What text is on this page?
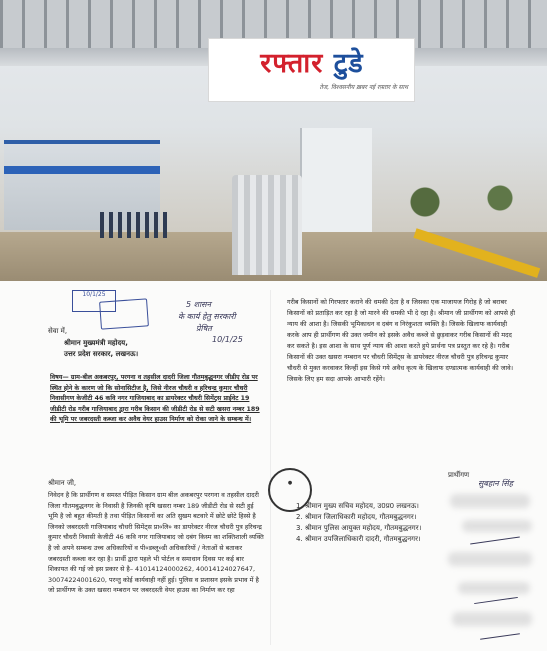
रफ्तार टुडे
तेज, विश्वसनीय ख़बर नई रफ़्तार के साथ
10/1/25
5 शासन
के कार्य हेतु सरकारी
प्रेषित
10/1/25
सेवा में,
श्रीमान मुख्यमंत्री महोदय,
उत्तर प्रदेश सरकार, लखनऊ।
विषय— ग्राम-बील अकबरपुर, परगना व तहसील दादरी जिला गौतमबुद्धनगर जीडीए रोड पर स्थित होने के कारण जो कि सोनासिटीज है, जिसे नीरज चौधरी व हरिचन्द्र कुमार चौधरी निवासीगण केजीटी 46 कवि नगर गाजियाबाद का डायरेक्टर चौधरी सिमेंट्स प्राईवेट 19 जीडीटी रोड गरीब गाजियाबाद द्वारा गरीब किसान की जीडीटी रोड से सटी खसरा नम्बर 189 की भूमि पर जबरदस्ती कब्जा कर अवैध वेयर हाउस निर्माण को रोका जाने के सम्बन्ध में।
श्रीमान जी,
निवेदन है कि प्रार्थीगण व समस्त पीड़ित किसान ग्राम बील अकबरपुर परगना व तहसील दादरी जिला गौतमबुद्धनगर के निवासी है जिनकी कृषि खसरा नम्बर 189 जीडीटी रोड से सटी हुई भूमि है जो बहुत कीमती है तथा पीड़ित किसानों का अति सुखम बटवारे में छोटे छोटे हिस्से है जिनको जबरदस्ती गाजियाबाद चौधरी सिमेंट्स प्रा०लि० का डायरेक्टर नीरज चौधरी पुत्र हरिचन्द्र कुमार चौधरी निवासी केजीटी 46 कवि नगर गाजियाबाद जो दबंग किस्म का शक्तिशाली व्यक्ति है जो अपने सम्बन्ध उच्च अधिकारियों व पी०डब्लू०डी अधिकारियों / नेताओं से बताकर जबरदस्ती कब्जा कर रहा है। प्रार्थी द्वारा पहले भी पोर्टल व समाधान दिवस पर कई बार शिकायत की गई जो इस प्रकार से है– 41014124000262, 40014124027647, 30074224001620, परन्तु कोई कार्यवाही नहीं हुई। पुलिस व प्रशासन इसके प्रभाव में है जो प्रार्थीगण के उक्त खसरा नम्बरान पर जबरदस्ती वेयर हाउस का निर्माण कर रहा
गरीब किसानों को गिरफ्तार कराने की धमकी देता है व जिसका एक माजायज गिरोह है जो बराबर किसानों को प्रताड़ित कर रहा है जो मारने की धमकी भी दे रहा है। श्रीमान जी प्रार्थीगण को आपसे ही न्याय की आशा है। जिसकी भूमिकाधन व दबंग व निरंकुशता व्यक्ति है। जिसके खिलाफ कार्यवाही करके आप ही प्रार्थीगण की उक्त जमीन को इसके अवैध कब्जे से छुड़वाकर गरीब किसानों की मदद कर सकते है। इस आशा के साथ पूर्ण न्याय की आशा करते हुये प्रार्थना पत्र प्रस्तुत कर रहे है। गरीब किसानों की उक्त खसरा नम्बरान पर चौधरी सिमेंट्स के डायरेक्टर नीरज चौधरी पुत्र हरिचन्द्र कुमार चौधरी से मुक्त करवाकर किन्हीं इस किसे गये अवैध कृत्य के खिलाफ दण्डात्मक कार्यवाही की जावे। जिसके लिए हम सदा आपके आभारी रहेंगे।
●
प्रार्थीगण
सुबहान सिंह
1. श्रीमान मुख्य सचिव महोदय, उ0प्र0 लखनऊ।
2. श्रीमान जिलाधिकारी महोदय, गौतमबुद्धनगर।
3. श्रीमान पुलिस आयुक्त महोदय, गौतमबुद्धनगर।
4. श्रीमान उपजिलाधिकारी दादरी, गौतमबुद्धनगर।
